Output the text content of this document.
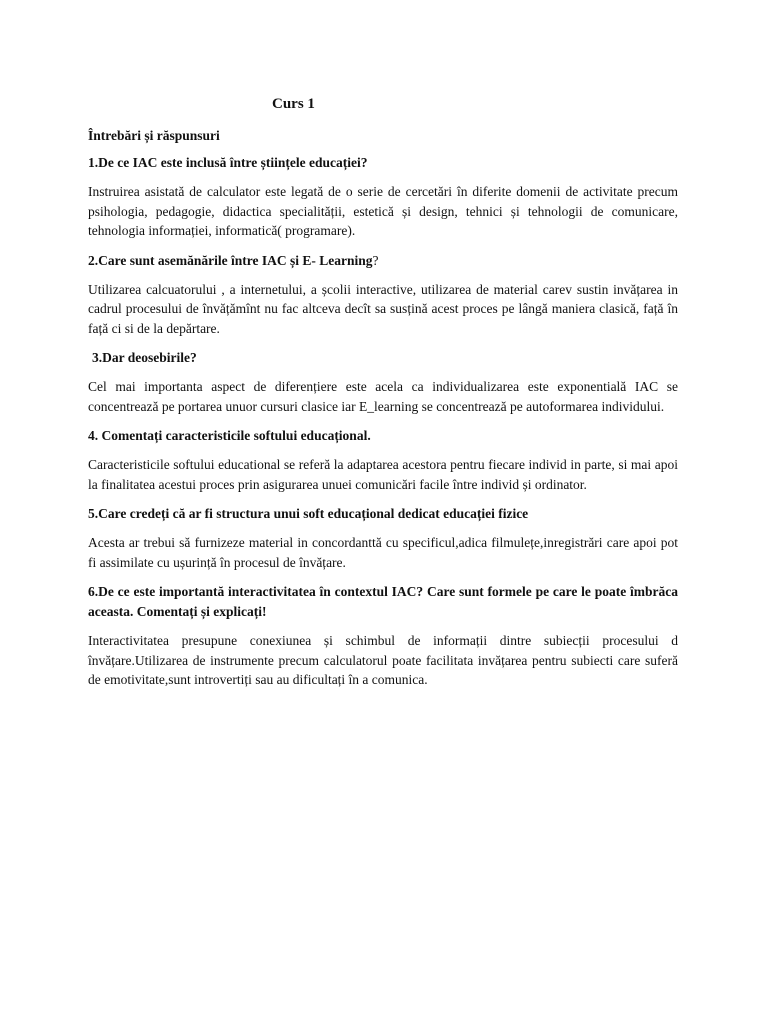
Curs 1
Întrebări și răspunsuri
1.De ce IAC este inclusă între științele educației?
Instruirea asistată de calculator este legată de o serie de cercetări în diferite domenii de activitate precum psihologia, pedagogie, didactica specialității, estetică și design, tehnici și tehnologii de comunicare, tehnologia informației, informatică( programare).
2.Care sunt asemănările între IAC și E- Learning?
Utilizarea calcuatorului , a internetului, a școlii interactive, utilizarea de material carev sustin invățarea in cadrul procesului de învățămînt nu fac altceva decît sa susțină acest proces pe lângă maniera clasică, față în față ci si de la depărtare.
3.Dar deosebirile?
Cel mai importanta aspect de diferențiere este acela ca individualizarea este exponentială IAC se concentrează pe portarea unuor cursuri clasice iar E_learning se concentrează pe autoformarea individului.
4. Comentați caracteristicile softului educațional.
Caracteristicile softului educational se referă la adaptarea acestora pentru fiecare individ in parte, si mai apoi la finalitatea acestui proces prin asigurarea unuei comunicări facile între individ și ordinator.
5.Care credeți că ar fi structura unui soft educațional dedicat educației fizice
Acesta ar trebui să furnizeze material in concordanttă cu specificul,adica filmulețe,inregistrări care apoi pot fi assimilate cu ușurință în procesul de învățare.
6.De ce este importantă interactivitatea în contextul IAC? Care sunt formele pe care le poate îmbrăca aceasta. Comentați și explicați!
Interactivitatea presupune conexiunea și schimbul de informații dintre subiecții procesului d învățare.Utilizarea de instrumente precum calculatorul poate facilitata invățarea pentru subiecti care suferă de emotivitate,sunt introvertiți sau au dificultați în a comunica.
